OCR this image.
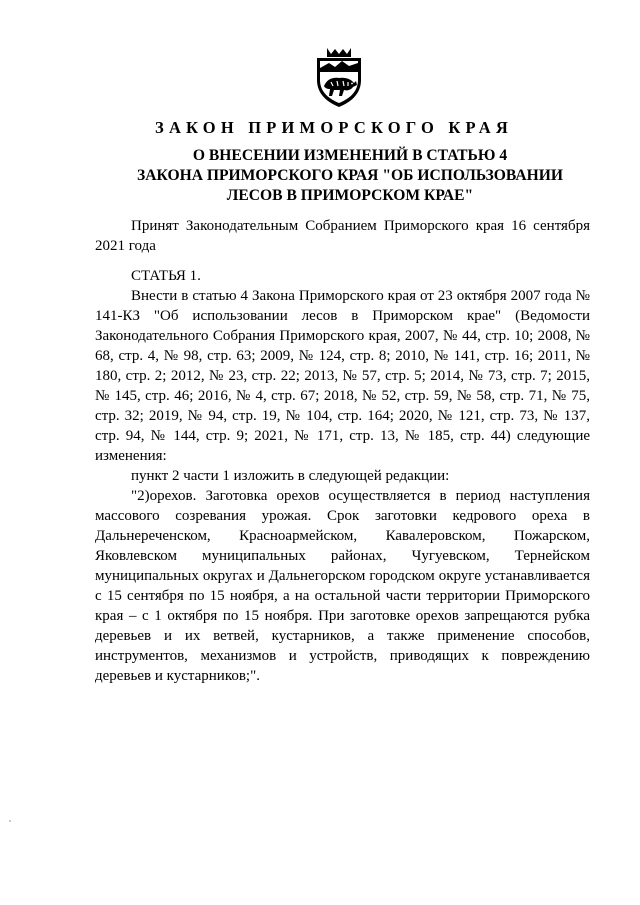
ЗАКОН ПРИМОРСКОГО КРАЯ
О ВНЕСЕНИИ ИЗМЕНЕНИЙ В СТАТЬЮ 4
ЗАКОНА ПРИМОРСКОГО КРАЯ "ОБ ИСПОЛЬЗОВАНИИ
ЛЕСОВ В ПРИМОРСКОМ КРАЕ"
Принят Законодательным Собранием Приморского края 16 сентября 2021 года
СТАТЬЯ 1.
Внести в статью 4 Закона Приморского края от 23 октября 2007 года № 141-КЗ "Об использовании лесов в Приморском крае" (Ведомости Законодательного Собрания Приморского края, 2007, № 44, стр. 10; 2008, № 68, стр. 4, № 98, стр. 63; 2009, № 124, стр. 8; 2010, № 141, стр. 16; 2011, № 180, стр. 2; 2012, № 23, стр. 22; 2013, № 57, стр. 5; 2014, № 73, стр. 7; 2015, № 145, стр. 46; 2016, № 4, стр. 67; 2018, № 52, стр. 59, № 58, стр. 71, № 75, стр. 32; 2019, № 94, стр. 19, № 104, стр. 164; 2020, № 121, стр. 73, № 137, стр. 94, № 144, стр. 9; 2021, № 171, стр. 13, № 185, стр. 44) следующие изменения:
пункт 2 части 1 изложить в следующей редакции:
"2)орехов. Заготовка орехов осуществляется в период наступления массового созревания урожая. Срок заготовки кедрового ореха в Дальнереченском, Красноармейском, Кавалеровском, Пожарском, Яковлевском муниципальных районах, Чугуевском, Тернейском муниципальных округах и Дальнегорском городском округе устанавливается с 15 сентября по 15 ноября, а на остальной части территории Приморского края – с 1 октября по 15 ноября. При заготовке орехов запрещаются рубка деревьев и их ветвей, кустарников, а также применение способов, инструментов, механизмов и устройств, приводящих к повреждению деревьев и кустарников;".
